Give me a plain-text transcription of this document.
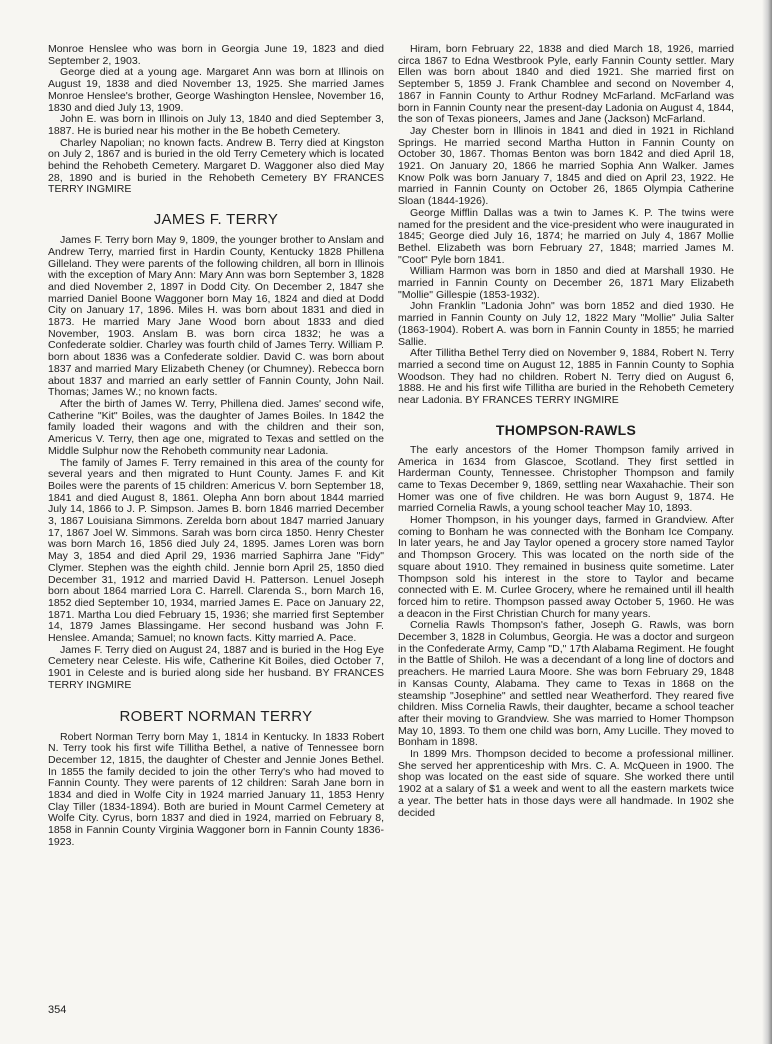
Monroe Henslee who was born in Georgia June 19, 1823 and died September 2, 1903.

George died at a young age. Margaret Ann was born at Illinois on August 19, 1838 and died November 13, 1925. She married James Monroe Henslee's brother, George Washington Henslee, November 16, 1830 and died July 13, 1909.

John E. was born in Illinois on July 13, 1840 and died September 3, 1887. He is buried near his mother in the Be hobeth Cemetery.

Charley Napolian; no known facts. Andrew B. Terry died at Kingston on July 2, 1867 and is buried in the old Terry Cemetery which is located behind the Rehobeth Cemetery. Margaret D. Waggoner also died May 28, 1890 and is buried in the Rehobeth Cemetery BY FRANCES TERRY INGMIRE

JAMES F. TERRY

James F. Terry born May 9, 1809, the younger brother to Anslam and Andrew Terry, married first in Hardin County, Kentucky 1828 Phillena Gilleland. They were parents of the following children, all born in Illinois with the exception of Mary Ann: Mary Ann was born September 3, 1828 and died November 2, 1897 in Dodd City. On December 2, 1847 she married Daniel Boone Waggoner born May 16, 1824 and died at Dodd City on January 17, 1896. Miles H. was born about 1831 and died in 1873. He married Mary Jane Wood born about 1833 and died November, 1903. Anslam B. was born circa 1832; he was a Confederate soldier. Charley was fourth child of James Terry. William P. born about 1836 was a Confederate soldier. David C. was born about 1837 and married Mary Elizabeth Cheney (or Chumney). Rebecca born about 1837 and married an early settler of Fannin County, John Nail. Thomas; James W.; no known facts.

After the birth of James W. Terry, Phillena died. James' second wife, Catherine "Kit" Boiles, was the daughter of James Boiles. In 1842 the family loaded their wagons and with the children and their son, Americus V. Terry, then age one, migrated to Texas and settled on the Middle Sulphur now the Rehobeth community near Ladonia.

The family of James F. Terry remained in this area of the county for several years and then migrated to Hunt County. James F. and Kit Boiles were the parents of 15 children: Americus V. born September 18, 1841 and died August 8, 1861. Olepha Ann born about 1844 married July 14, 1866 to J. P. Simpson. James B. born 1846 married December 3, 1867 Louisiana Simmons. Zerelda born about 1847 married January 17, 1867 Joel W. Simmons. Sarah was born circa 1850. Henry Chester was born March 16, 1856 died July 24, 1895. James Loren was born May 3, 1854 and died April 29, 1936 married Saphirra Jane "Fidy" Clymer. Stephen was the eighth child. Jennie born April 25, 1850 died December 31, 1912 and married David H. Patterson. Lenuel Joseph born about 1864 married Lora C. Harrell. Clarenda S., born March 16, 1852 died September 10, 1934, married James E. Pace on January 22, 1871. Martha Lou died February 15, 1936; she married first September 14, 1879 James Blassingame. Her second husband was John F. Henslee. Amanda; Samuel; no known facts. Kitty married A. Pace.

James F. Terry died on August 24, 1887 and is buried in the Hog Eye Cemetery near Celeste. His wife, Catherine Kit Boiles, died October 7, 1901 in Celeste and is buried along side her husband. BY FRANCES TERRY INGMIRE

ROBERT NORMAN TERRY

Robert Norman Terry born May 1, 1814 in Kentucky. In 1833 Robert N. Terry took his first wife Tillitha Bethel, a native of Tennessee born December 12, 1815, the daughter of Chester and Jennie Jones Bethel. In 1855 the family decided to join the other Terry's who had moved to Fannin County. They were parents of 12 children: Sarah Jane born in 1834 and died in Wolfe City in 1924 married January 11, 1853 Henry Clay Tiller (1834-1894). Both are buried in Mount Carmel Cemetery at Wolfe City. Cyrus, born 1837 and died in 1924, married on February 8, 1858 in Fannin County Virginia Waggoner born in Fannin County 1836-1923.

Hiram, born February 22, 1838 and died March 18, 1926, married circa 1867 to Edna Westbrook Pyle, early Fannin County settler. Mary Ellen was born about 1840 and died 1921. She married first on September 5, 1859 J. Frank Chamblee and second on November 4, 1867 in Fannin County to Arthur Rodney McFarland. McFarland was born in Fannin County near the present-day Ladonia on August 4, 1844, the son of Texas pioneers, James and Jane (Jackson) McFarland.

Jay Chester born in Illinois in 1841 and died in 1921 in Richland Springs. He married second Martha Hutton in Fannin County on October 30, 1867. Thomas Benton was born 1842 and died April 18, 1921. On January 20, 1866 he married Sophia Ann Walker. James Know Polk was born January 7, 1845 and died on April 23, 1922. He married in Fannin County on October 26, 1865 Olympia Catherine Sloan (1844-1926).

George Mifflin Dallas was a twin to James K. P. The twins were named for the president and the vice-president who were inaugurated in 1845; George died July 16, 1874; he married on July 4, 1867 Mollie Bethel. Elizabeth was born February 27, 1848; married James M. "Coot" Pyle born 1841.

William Harmon was born in 1850 and died at Marshall 1930. He married in Fannin County on December 26, 1871 Mary Elizabeth "Mollie" Gillespie (1853-1932).

John Franklin "Ladonia John" was born 1852 and died 1930. He married in Fannin County on July 12, 1822 Mary "Mollie" Julia Salter (1863-1904). Robert A. was born in Fannin County in 1855; he married Sallie.

After Tillitha Bethel Terry died on November 9, 1884, Robert N. Terry married a second time on August 12, 1885 in Fannin County to Sophia Woodson. They had no children. Robert N. Terry died on August 6, 1888. He and his first wife Tillitha are buried in the Rehobeth Cemetery near Ladonia. BY FRANCES TERRY INGMIRE

THOMPSON-RAWLS

The early ancestors of the Homer Thompson family arrived in America in 1634 from Glascoe, Scotland. They first settled in Harderman County, Tennessee. Christopher Thompson and family came to Texas December 9, 1869, settling near Waxahachie. Their son Homer was one of five children. He was born August 9, 1874. He married Cornelia Rawls, a young school teacher May 10, 1893.

Homer Thompson, in his younger days, farmed in Grandview. After coming to Bonham he was connected with the Bonham Ice Company. In later years, he and Jay Taylor opened a grocery store named Taylor and Thompson Grocery. This was located on the north side of the square about 1910. They remained in business quite sometime. Later Thompson sold his interest in the store to Taylor and became connected with E. M. Curlee Grocery, where he remained until ill health forced him to retire. Thompson passed away October 5, 1960. He was a deacon in the First Christian Church for many years.

Cornelia Rawls Thompson's father, Joseph G. Rawls, was born December 3, 1828 in Columbus, Georgia. He was a doctor and surgeon in the Confederate Army, Camp "D," 17th Alabama Regiment. He fought in the Battle of Shiloh. He was a decendant of a long line of doctors and preachers. He married Laura Moore. She was born February 29, 1848 in Kansas County, Alabama. They came to Texas in 1868 on the steamship "Josephine" and settled near Weatherford. They reared five children. Miss Cornelia Rawls, their daughter, became a school teacher after their moving to Grandview. She was married to Homer Thompson May 10, 1893. To them one child was born, Amy Lucille. They moved to Bonham in 1898.

In 1899 Mrs. Thompson decided to become a professional milliner. She served her apprenticeship with Mrs. C. A. McQueen in 1900. The shop was located on the east side of square. She worked there until 1902 at a salary of $1 a week and went to all the eastern markets twice a year. The better hats in those days were all handmade. In 1902 she decided

354
